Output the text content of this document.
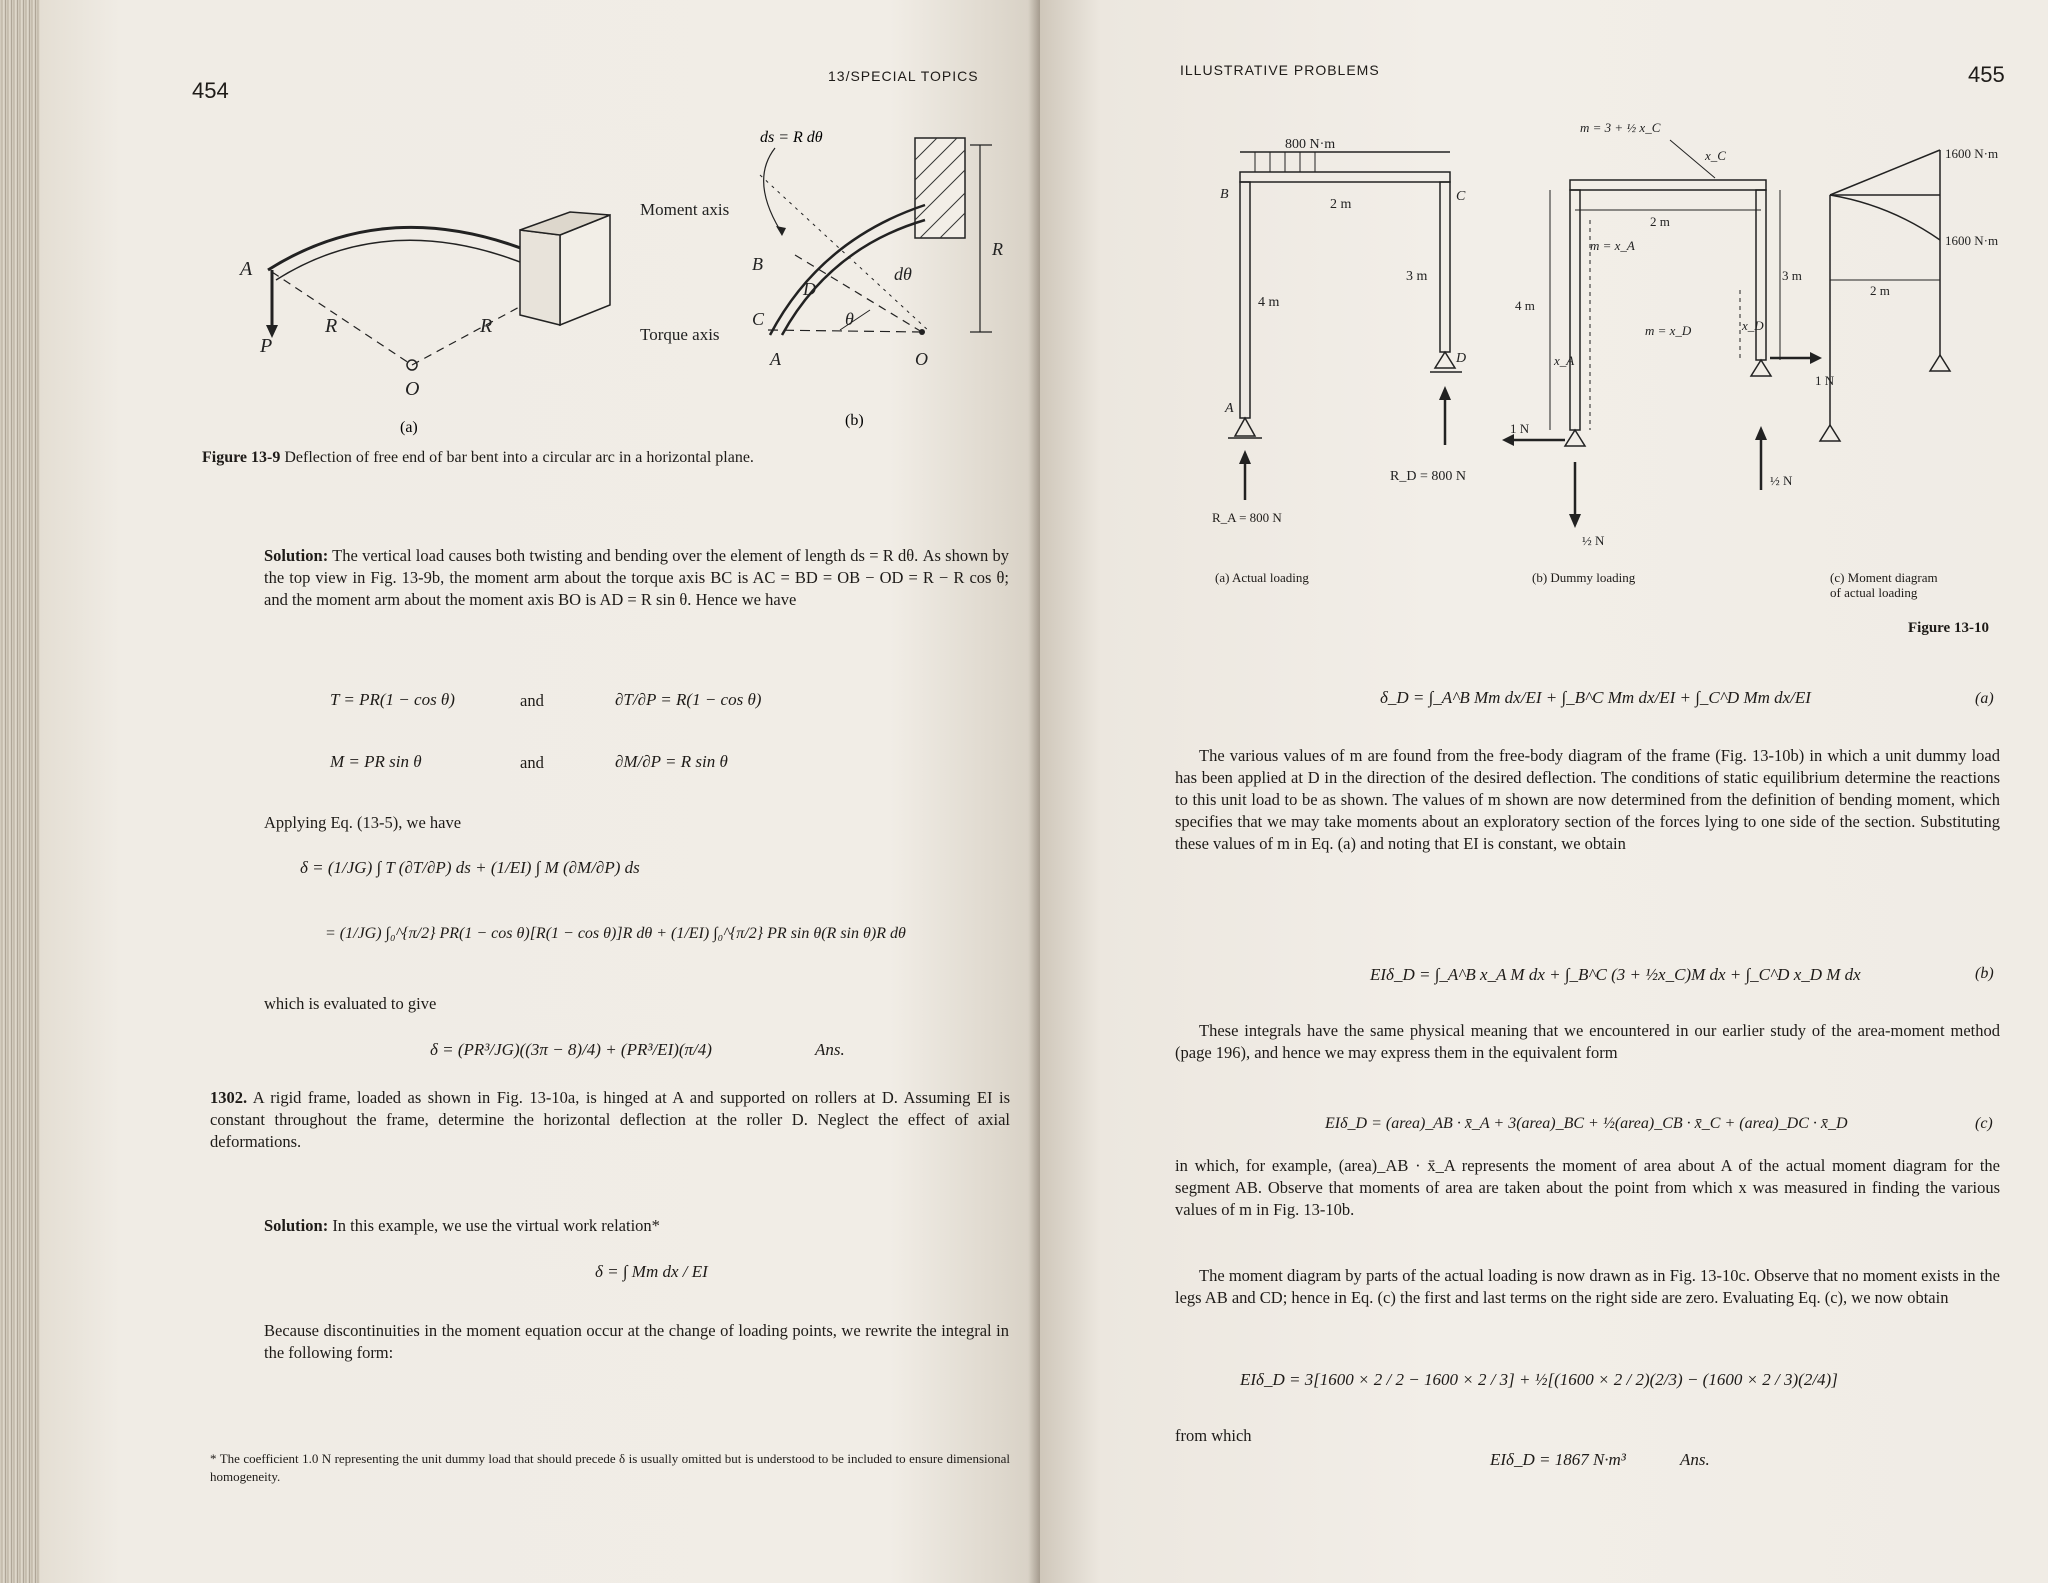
454
13/SPECIAL TOPICS
A
P
R
O
R
(a)
ds = R dθ
Moment axis
Torque axis
B
C
D
A	O
R
dθ
θ
(b)
Figure 13-9 Deflection of free end of bar bent into a circular arc in a horizontal plane.
Solution: The vertical load causes both twisting and bending over the element of length ds = R dθ. As shown by the top view in Fig. 13-9b, the moment arm about the torque axis BC is AC = BD = OB − OD = R − R cos θ; and the moment arm about the moment axis BO is AD = R sin θ. Hence we have
T = PR(1 − cos θ)	and	∂T/∂P = R(1 − cos θ)
M = PR sin θ	and	∂M/∂P = R sin θ
Applying Eq. (13-5), we have
δ = (1/JG) ∫ T (∂T/∂P) ds + (1/EI) ∫ M (∂M/∂P) ds
= (1/JG) ∫₀^{π/2} PR(1 − cos θ)[R(1 − cos θ)]R dθ + (1/EI) ∫₀^{π/2} PR sin θ(R sin θ)R dθ
which is evaluated to give
δ = (PR³/JG)((3π − 8)/4) + (PR³/EI)(π/4)	Ans.
1302. A rigid frame, loaded as shown in Fig. 13-10a, is hinged at A and supported on rollers at D. Assuming EI is constant throughout the frame, determine the horizontal deflection at the roller D. Neglect the effect of axial deformations.
Solution: In this example, we use the virtual work relation*
δ = ∫ Mm dx / EI
Because discontinuities in the moment equation occur at the change of loading points, we rewrite the integral in the following form:
* The coefficient 1.0 N representing the unit dummy load that should precede δ is usually omitted but is understood to be included to ensure dimensional homogeneity.
ILLUSTRATIVE PROBLEMS	455
800 N·m
B	C
2 m
3 m
4 m
D
A
R_D = 800 N
R_A = 800 N
(a) Actual loading
m = 3 + ½ x_C
x_C
2 m
m = x_A
3 m
4 m
x_A
m = x_D	x_D
1 N
1 N
½ N
½ N
(b) Dummy loading
1600 N·m
1600 N·m
2 m
(c) Moment diagram
of actual loading
Figure 13-10
δ_D = ∫_A^B Mm dx/EI + ∫_B^C Mm dx/EI + ∫_C^D Mm dx/EI	(a)
The various values of m are found from the free-body diagram of the frame (Fig. 13-10b) in which a unit dummy load has been applied at D in the direction of the desired deflection. The conditions of static equilibrium determine the reactions to this unit load to be as shown. The values of m shown are now determined from the definition of bending moment, which specifies that we may take moments about an exploratory section of the forces lying to one side of the section. Substituting these values of m in Eq. (a) and noting that EI is constant, we obtain
EIδ_D = ∫_A^B x_A M dx + ∫_B^C (3 + ½x_C)M dx + ∫_C^D x_D M dx	(b)
These integrals have the same physical meaning that we encountered in our earlier study of the area-moment method (page 196), and hence we may express them in the equivalent form
EIδ_D = (area)_AB · x̄_A + 3(area)_BC + ½(area)_CB · x̄_C + (area)_DC · x̄_D	(c)
in which, for example, (area)_AB · x̄_A represents the moment of area about A of the actual moment diagram for the segment AB. Observe that moments of area are taken about the point from which x was measured in finding the various values of m in Fig. 13-10b.
The moment diagram by parts of the actual loading is now drawn as in Fig. 13-10c. Observe that no moment exists in the legs AB and CD; hence in Eq. (c) the first and last terms on the right side are zero. Evaluating Eq. (c), we now obtain
EIδ_D = 3[1600 × 2 / 2 − 1600 × 2 / 3] + ½[(1600 × 2 / 2)(2/3) − (1600 × 2 / 3)(2/4)]
from which
EIδ_D = 1867 N·m³	Ans.
